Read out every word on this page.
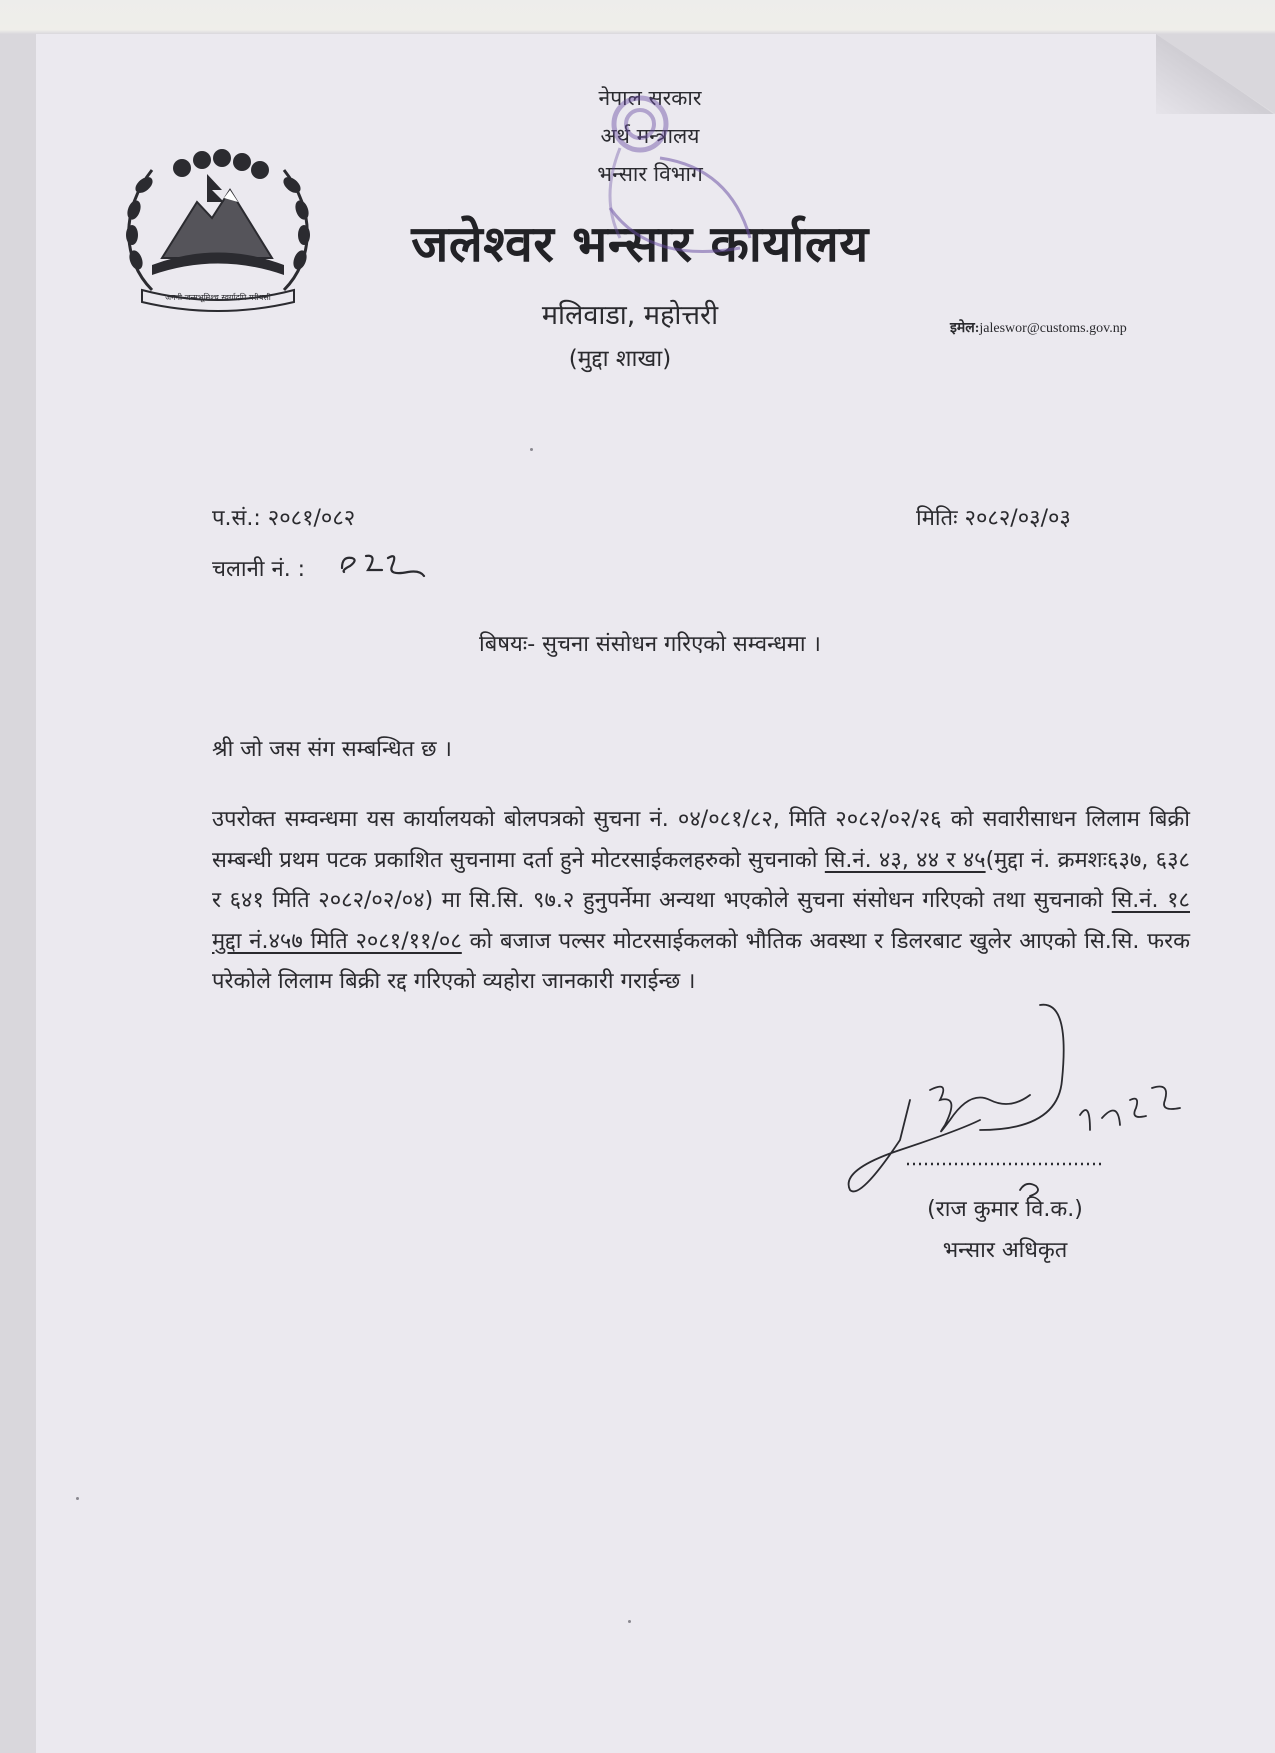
जननी जन्मभूमिश्च स्वर्गादपि गरीयसी
नेपाल सरकार
अर्थ मन्त्रालय
भन्सार विभाग
जलेश्वर भन्सार कार्यालय
मलिवाडा, महोत्तरी
(मुद्दा शाखा)
इमेल:jaleswor@customs.gov.np
प.सं.: २०८१/०८२	मितिः २०८२/०३/०३
चलानी नं. :
बिषयः- सुचना संसोधन गरिएको सम्वन्धमा ।
श्री जो जस संग सम्बन्धित छ ।
उपरोक्त सम्वन्धमा यस कार्यालयको बोलपत्रको सुचना नं. ०४/०८१/८२, मिति २०८२/०२/२६ को सवारीसाधन लिलाम बिक्री सम्बन्धी प्रथम पटक प्रकाशित सुचनामा दर्ता हुने मोटरसाईकलहरुको सुचनाको सि.नं. ४३, ४४ र ४५(मुद्दा नं. क्रमशः६३७, ६३८ र ६४१ मिति २०८२/०२/०४) मा सि.सि. ९७.२ हुनुपर्नेमा अन्यथा भएकोले सुचना संसोधन गरिएको तथा सुचनाको सि.नं. १८ मुद्दा नं.४५७ मिति २०८१/११/०८ को बजाज पल्सर मोटरसाईकलको भौतिक अवस्था र डिलरबाट खुलेर आएको सि.सि. फरक परेकोले लिलाम बिक्री रद्द गरिएको व्यहोरा जानकारी गराईन्छ ।
(राज कुमार वि.क.)
भन्सार अधिकृत
